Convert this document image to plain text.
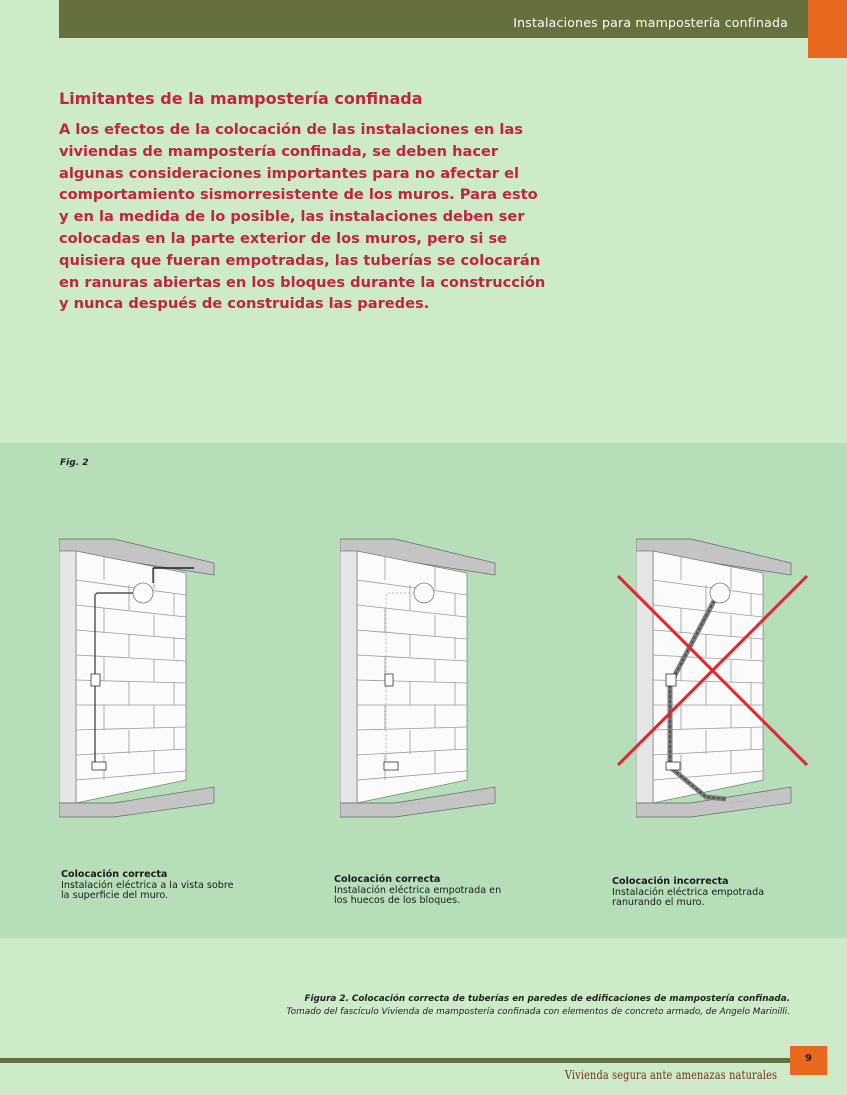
Instalaciones para mampostería confinada
Limitantes de la mampostería confinada
A los efectos de la colocación de las instalaciones en las viviendas de mampostería confinada, se deben hacer algunas consideraciones importantes para no afectar el comportamiento sismorresistente de los muros. Para esto y en la medida de lo posible, las instalaciones deben ser colocadas en la parte exterior de los muros, pero si se quisiera que fueran empotradas, las tuberías se colocarán en ranuras abiertas en los bloques durante la construcción y nunca después de construidas las paredes.
Fig. 2
Colocación correcta
Instalación eléctrica a la vista sobre la superficie del muro.
Colocación correcta
Instalación eléctrica empotrada en los huecos de los bloques.
Colocación incorrecta
Instalación eléctrica empotrada ranurando el muro.
Figura 2. Colocación correcta de tuberías en paredes de edificaciones de mampostería confinada.
Tomado del fascículo Vivienda de mampostería confinada con elementos de concreto armado, de Angelo Marinilli.
9
Vivienda segura ante amenazas naturales
